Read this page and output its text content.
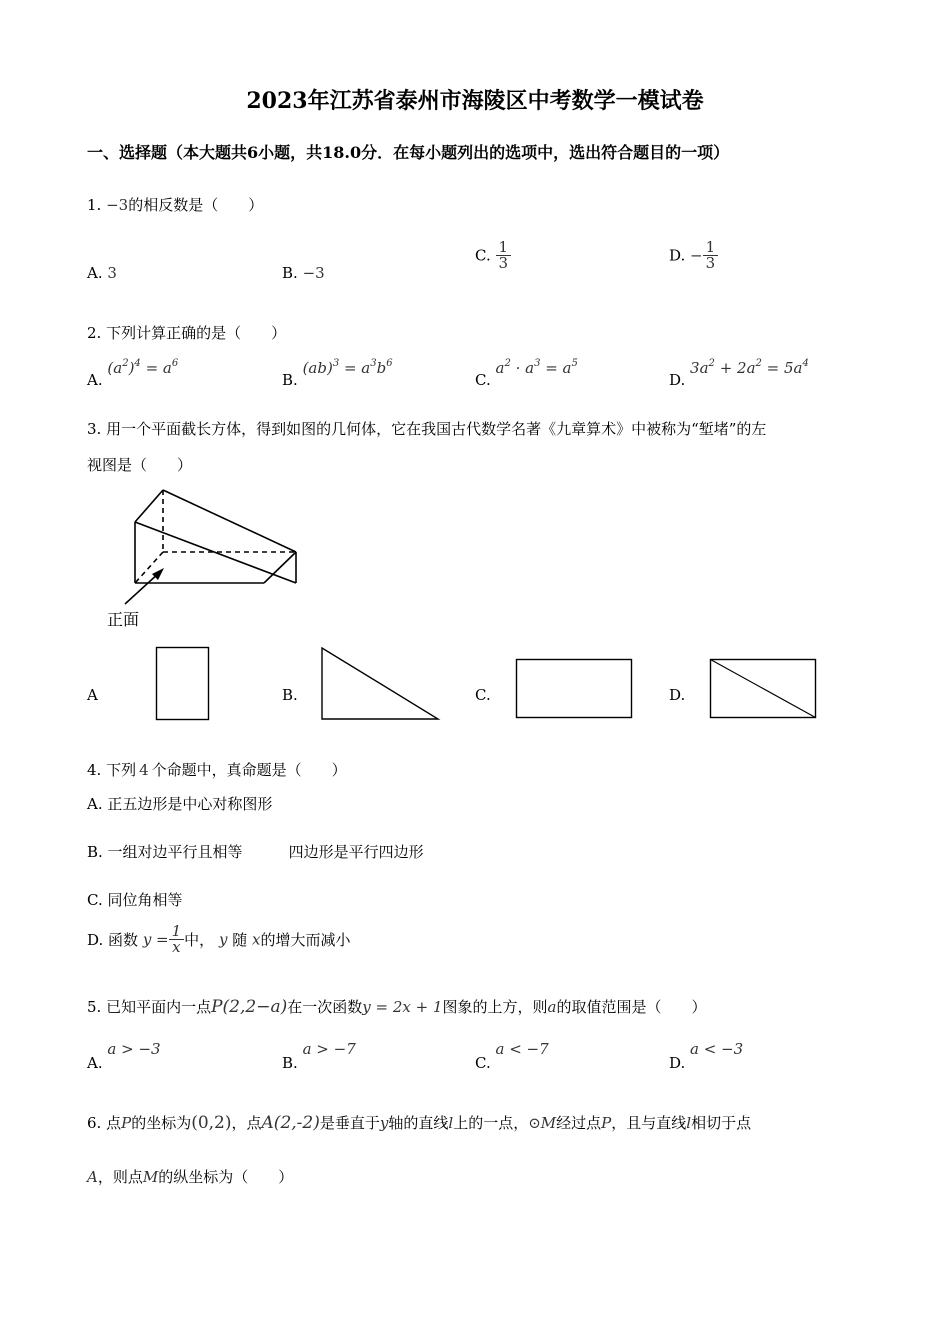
2023年江苏省泰州市海陵区中考数学一模试卷
一、选择题（本大题共6小题，共18.0分．在每小题列出的选项中，选出符合题目的一项）
1. −3的相反数是（　　）
A. 3	B. −3
C. $\frac{1}{3}$	D. − $\frac{1}{3}$
2. 下列计算正确的是（　　）
A. $(a^2)^4 = a^6$
B. $(ab)^3 = a^3b^6$
C. $a^2 \cdot a^3 = a^5$
D. $3a^2 + 2a^2 = 5a^4$
3. 用一个平面截长方体，得到如图的几何体，它在我国古代数学名著《九章算术》中被称为“堑堵”的左
视图是（　　）
正面
A	B.	C.	D.
4. 下列 4 个命题中，真命题是（　　）
A. 正五边形是中心对称图形
B. 一组对边平行且相等	四边形是平行四边形
C. 同位角相等
D. 函数 $y = \frac{1}{x}$ 中， y 随 x的增大而减小
5. 已知平面内一点P(2,2−a)在一次函数y = 2x + 1图象的上方，则a的取值范围是（　　）
A. a > −3
B. a > −7
C. a < −7
D. a < −3
6. 点P的坐标为(0,2)，点A(2,-2)是垂直于y轴的直线l上的一点，⊙M经过点P，且与直线l相切于点
A，则点M的纵坐标为（　　）
